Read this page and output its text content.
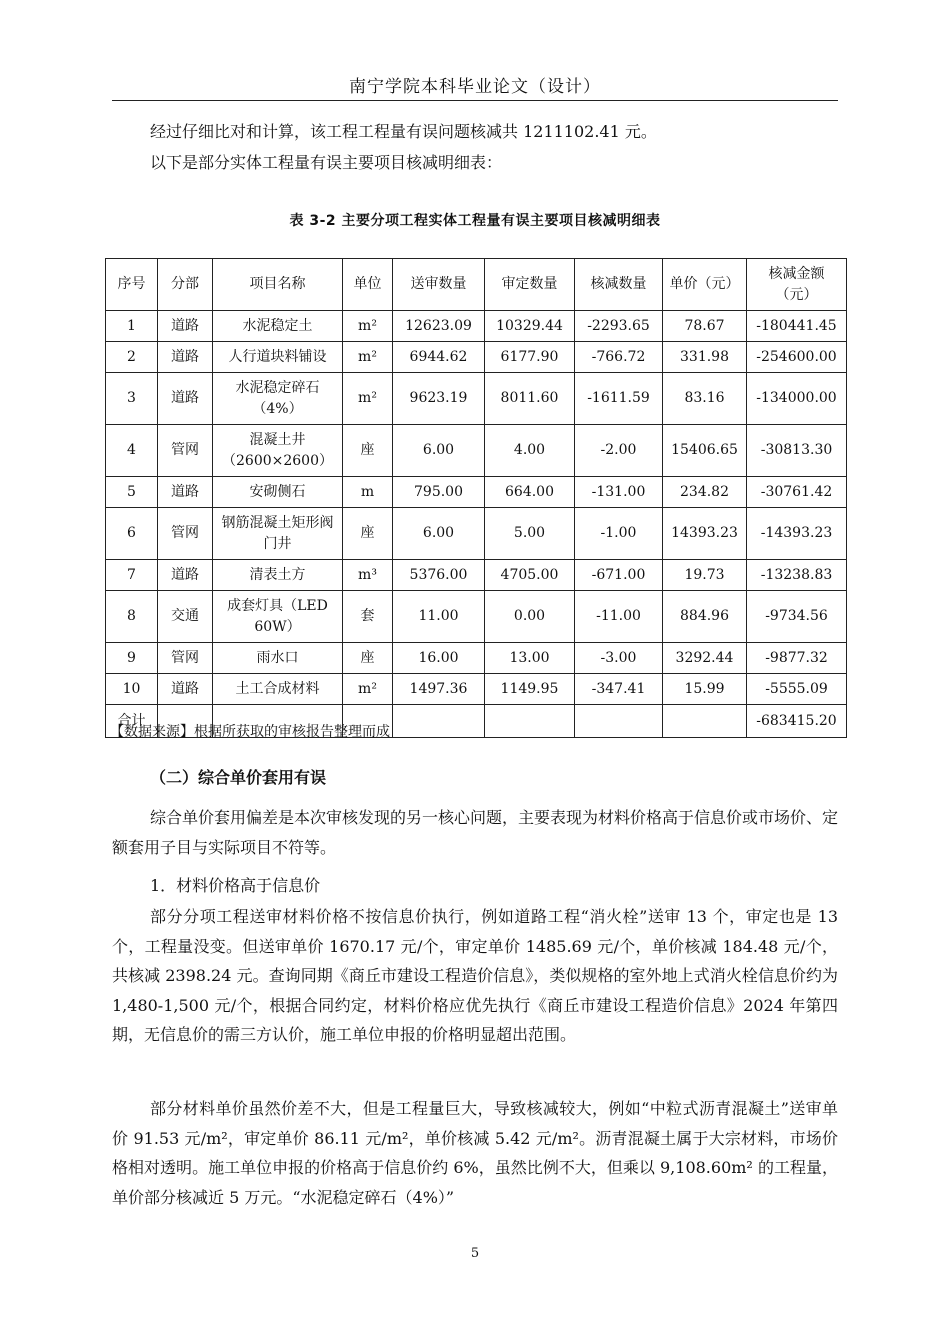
南宁学院本科毕业论文（设计）
经过仔细比对和计算，该工程工程量有误问题核减共 1211102.41 元。
以下是部分实体工程量有误主要项目核减明细表：
表 3-2 主要分项工程实体工程量有误主要项目核减明细表
序号	分部	项目名称	单位	送审数量	审定数量	核减数量	单价（元）	核减金额（元）
1	道路	水泥稳定土	m²	12623.09	10329.44	-2293.65	78.67	-180441.45
2	道路	人行道块料铺设	m²	6944.62	6177.90	-766.72	331.98	-254600.00
3	道路	水泥稳定碎石（4%）	m²	9623.19	8011.60	-1611.59	83.16	-134000.00
4	管网	混凝土井（2600×2600）	座	6.00	4.00	-2.00	15406.65	-30813.30
5	道路	安砌侧石	m	795.00	664.00	-131.00	234.82	-30761.42
6	管网	钢筋混凝土矩形阀门井	座	6.00	5.00	-1.00	14393.23	-14393.23
7	道路	清表土方	m³	5376.00	4705.00	-671.00	19.73	-13238.83
8	交通	成套灯具（LED 60W）	套	11.00	0.00	-11.00	884.96	-9734.56
9	管网	雨水口	座	16.00	13.00	-3.00	3292.44	-9877.32
10	道路	土工合成材料	m²	1497.36	1149.95	-347.41	15.99	-5555.09
合计								-683415.20
【数据来源】根据所获取的审核报告整理而成
（二）综合单价套用有误
综合单价套用偏差是本次审核发现的另一核心问题，主要表现为材料价格高于信息价或市场价、定额套用子目与实际项目不符等。
1．材料价格高于信息价
部分分项工程送审材料价格不按信息价执行，例如道路工程“消火栓”送审 13 个，审定也是 13 个，工程量没变。但送审单价 1670.17 元/个，审定单价 1485.69 元/个，单价核减 184.48 元/个，共核减 2398.24 元。查询同期《商丘市建设工程造价信息》，类似规格的室外地上式消火栓信息价约为 1,480-1,500 元/个，根据合同约定，材料价格应优先执行《商丘市建设工程造价信息》2024 年第四期，无信息价的需三方认价，施工单位申报的价格明显超出范围。
部分材料单价虽然价差不大，但是工程量巨大，导致核减较大，例如“中粒式沥青混凝土”送审单价 91.53 元/m²，审定单价 86.11 元/m²，单价核减 5.42 元/m²。沥青混凝土属于大宗材料，市场价格相对透明。施工单位申报的价格高于信息价约 6%，虽然比例不大，但乘以 9,108.60m² 的工程量，单价部分核减近 5 万元。“水泥稳定碎石（4%）”
5
